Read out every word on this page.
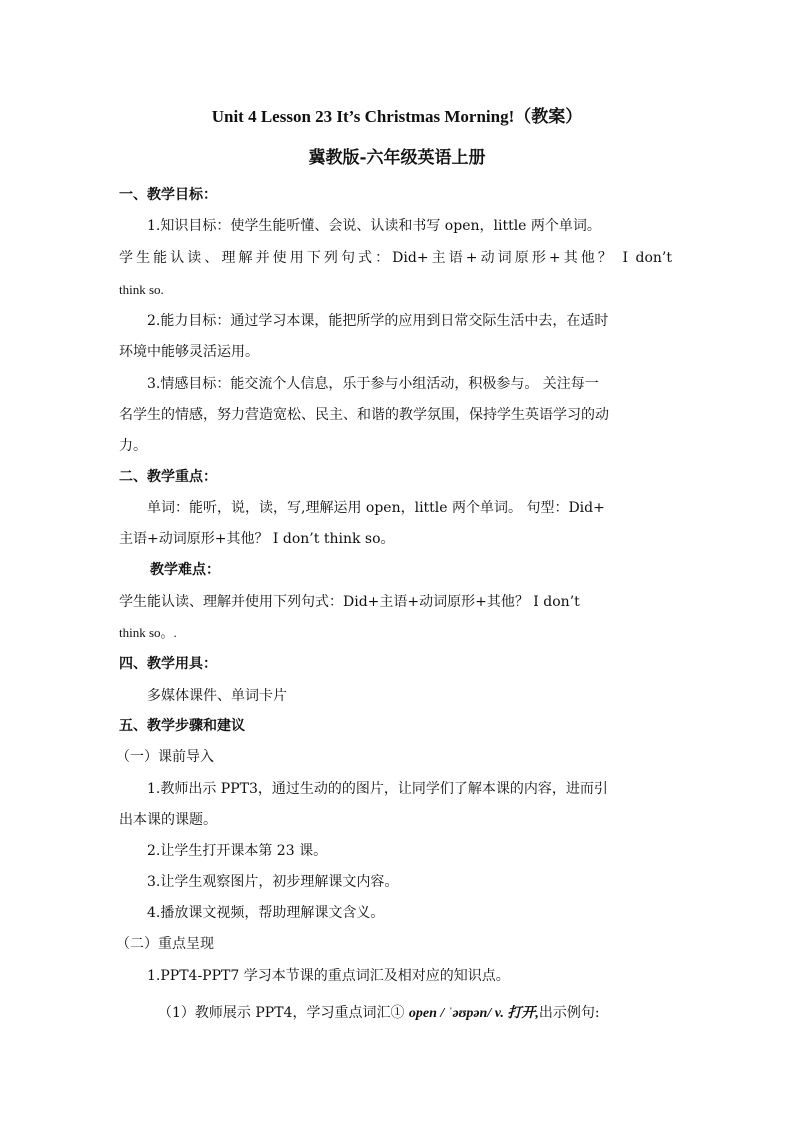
Unit 4 Lesson 23 It’s Christmas Morning!（教案）
冀教版-六年级英语上册
一、教学目标：
1.知识目标：使学生能听懂、会说、认读和书写 open，little 两个单词。
学生能认读、理解并使用下列句式：Did+主语+动词原形+其他？ I don’t
think so.
2.能力目标：通过学习本课，能把所学的应用到日常交际生活中去，在适时
环境中能够灵活运用。
3.情感目标：能交流个人信息，乐于参与小组活动，积极参与。 关注每一
名学生的情感，努力营造宽松、民主、和谐的教学氛围，保持学生英语学习的动
力。
二、教学重点：
单词：能听，说，读，写,理解运用 open，little 两个单词。 句型：Did+
主语+动词原形+其他？ I don’t think so。
教学难点：
学生能认读、理解并使用下列句式：Did+主语+动词原形+其他？ I don’t
think so。.
四、教学用具：
多媒体课件、单词卡片
五、教学步骤和建议
（一）课前导入
1.教师出示 PPT3，通过生动的的图片，让同学们了解本课的内容，进而引
出本课的课题。
2.让学生打开课本第 23 课。
3.让学生观察图片，初步理解课文内容。
4.播放课文视频，帮助理解课文含义。
（二）重点呈现
1.PPT4-PPT7 学习本节课的重点词汇及相对应的知识点。
（1）教师展示 PPT4，学习重点词汇① open / ˈəʊpən/ v. 打开,出示例句:
